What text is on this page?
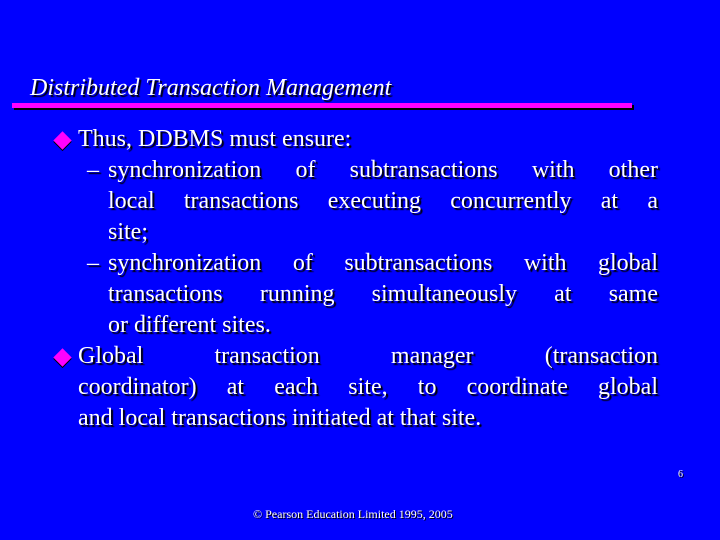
Distributed Transaction Management
Thus, DDBMS must ensure:
– synchronization of subtransactions with other
local transactions executing concurrently at a
site;
– synchronization of subtransactions with global
transactions running simultaneously at same
or different sites.
Global transaction manager (transaction
coordinator) at each site, to coordinate global
and local transactions initiated at that site.
© Pearson Education Limited 1995, 2005
6
